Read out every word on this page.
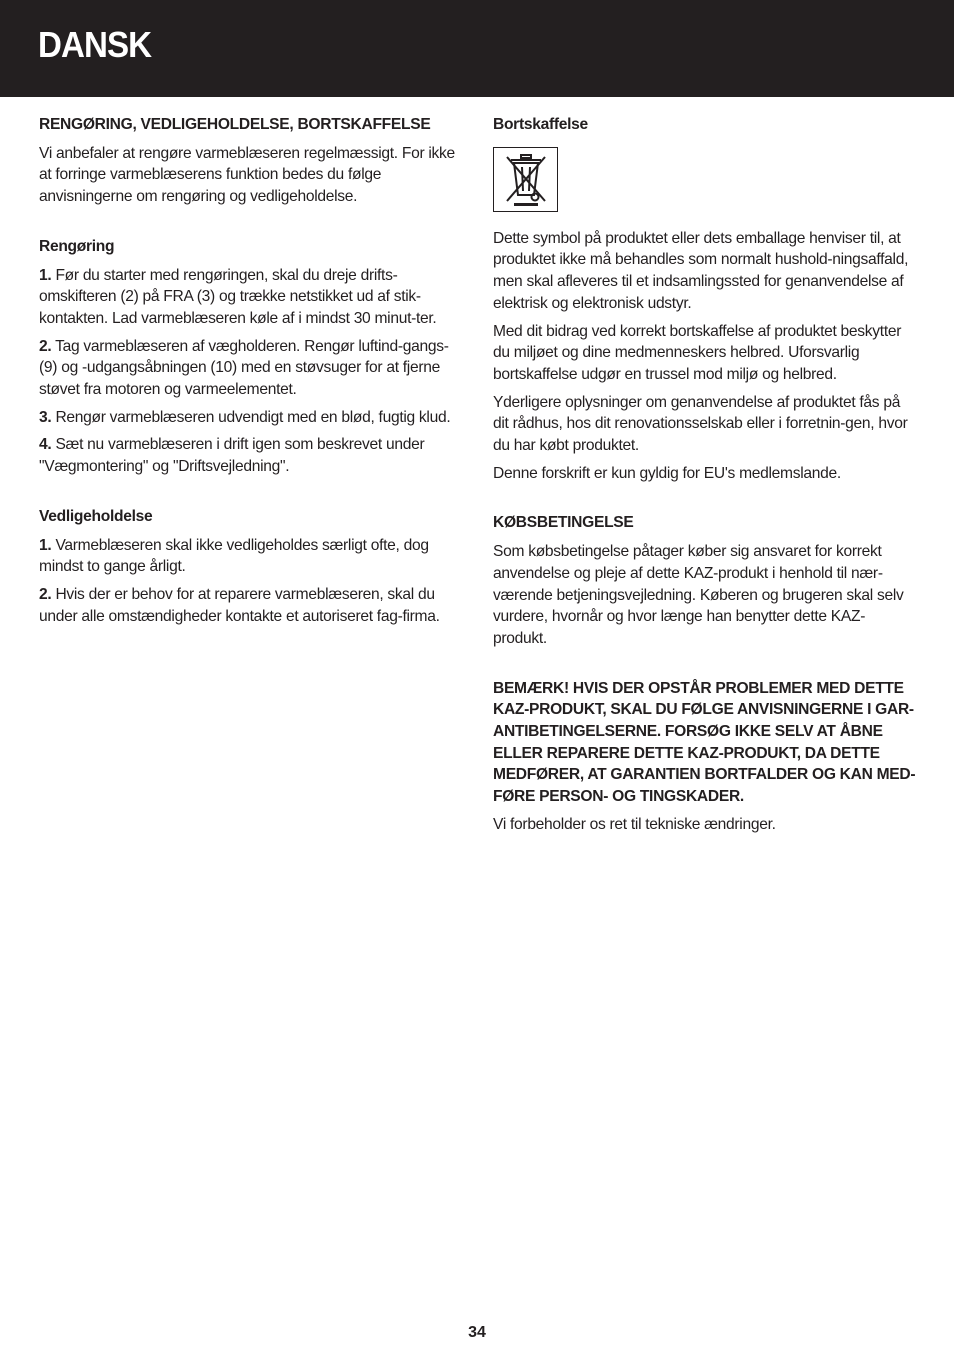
DANSK
RENGØRING, VEDLIGEHOLDELSE, BORTSKAFFELSE
Vi anbefaler at rengøre varmeblæseren regelmæssigt. For ikke at forringe varmeblæserens funktion bedes du følge anvisningerne om rengøring og vedligeholdelse.
Rengøring
1. Før du starter med rengøringen, skal du dreje drifts-omskifteren (2) på FRA (3) og trække netstikket ud af stik-kontakten. Lad varmeblæseren køle af i mindst 30 minut-ter.
2. Tag varmeblæseren af vægholderen. Rengør luftind-gangs- (9) og -udgangsåbningen (10) med en støvsuger for at fjerne støvet fra motoren og varmeelementet.
3. Rengør varmeblæseren udvendigt med en blød, fugtig klud.
4. Sæt nu varmeblæseren i drift igen som beskrevet under "Vægmontering" og "Driftsvejledning".
Vedligeholdelse
1. Varmeblæseren skal ikke vedligeholdes særligt ofte, dog mindst to gange årligt.
2. Hvis der er behov for at reparere varmeblæseren, skal du under alle omstændigheder kontakte et autoriseret fag-firma.
Bortskaffelse
Dette symbol på produktet eller dets emballage henviser til, at produktet ikke må behandles som normalt hushold-ningsaffald, men skal afleveres til et indsamlingssted for genanvendelse af elektrisk og elektronisk udstyr.
Med dit bidrag ved korrekt bortskaffelse af produktet beskytter du miljøet og dine medmenneskers helbred. Uforsvarlig bortskaffelse udgør en trussel mod miljø og helbred.
Yderligere oplysninger om genanvendelse af produktet fås på dit rådhus, hos dit renovationsselskab eller i forretnin-gen, hvor du har købt produktet.
Denne forskrift er kun gyldig for EU's medlemslande.
KØBSBETINGELSE
Som købsbetingelse påtager køber sig ansvaret for korrekt anvendelse og pleje af dette KAZ-produkt i henhold til nær-værende betjeningsvejledning. Køberen og brugeren skal selv vurdere, hvornår og hvor længe han benytter dette KAZ-produkt.
BEMÆRK! HVIS DER OPSTÅR PROBLEMER MED DETTE KAZ-PRODUKT, SKAL DU FØLGE ANVISNINGERNE I GAR-ANTIBETINGELSERNE. FORSØG IKKE SELV AT ÅBNE ELLER REPARERE DETTE KAZ-PRODUKT, DA DETTE MEDFØRER, AT GARANTIEN BORTFALDER OG KAN MED-FØRE PERSON- OG TINGSKADER.
Vi forbeholder os ret til tekniske ændringer.
34
